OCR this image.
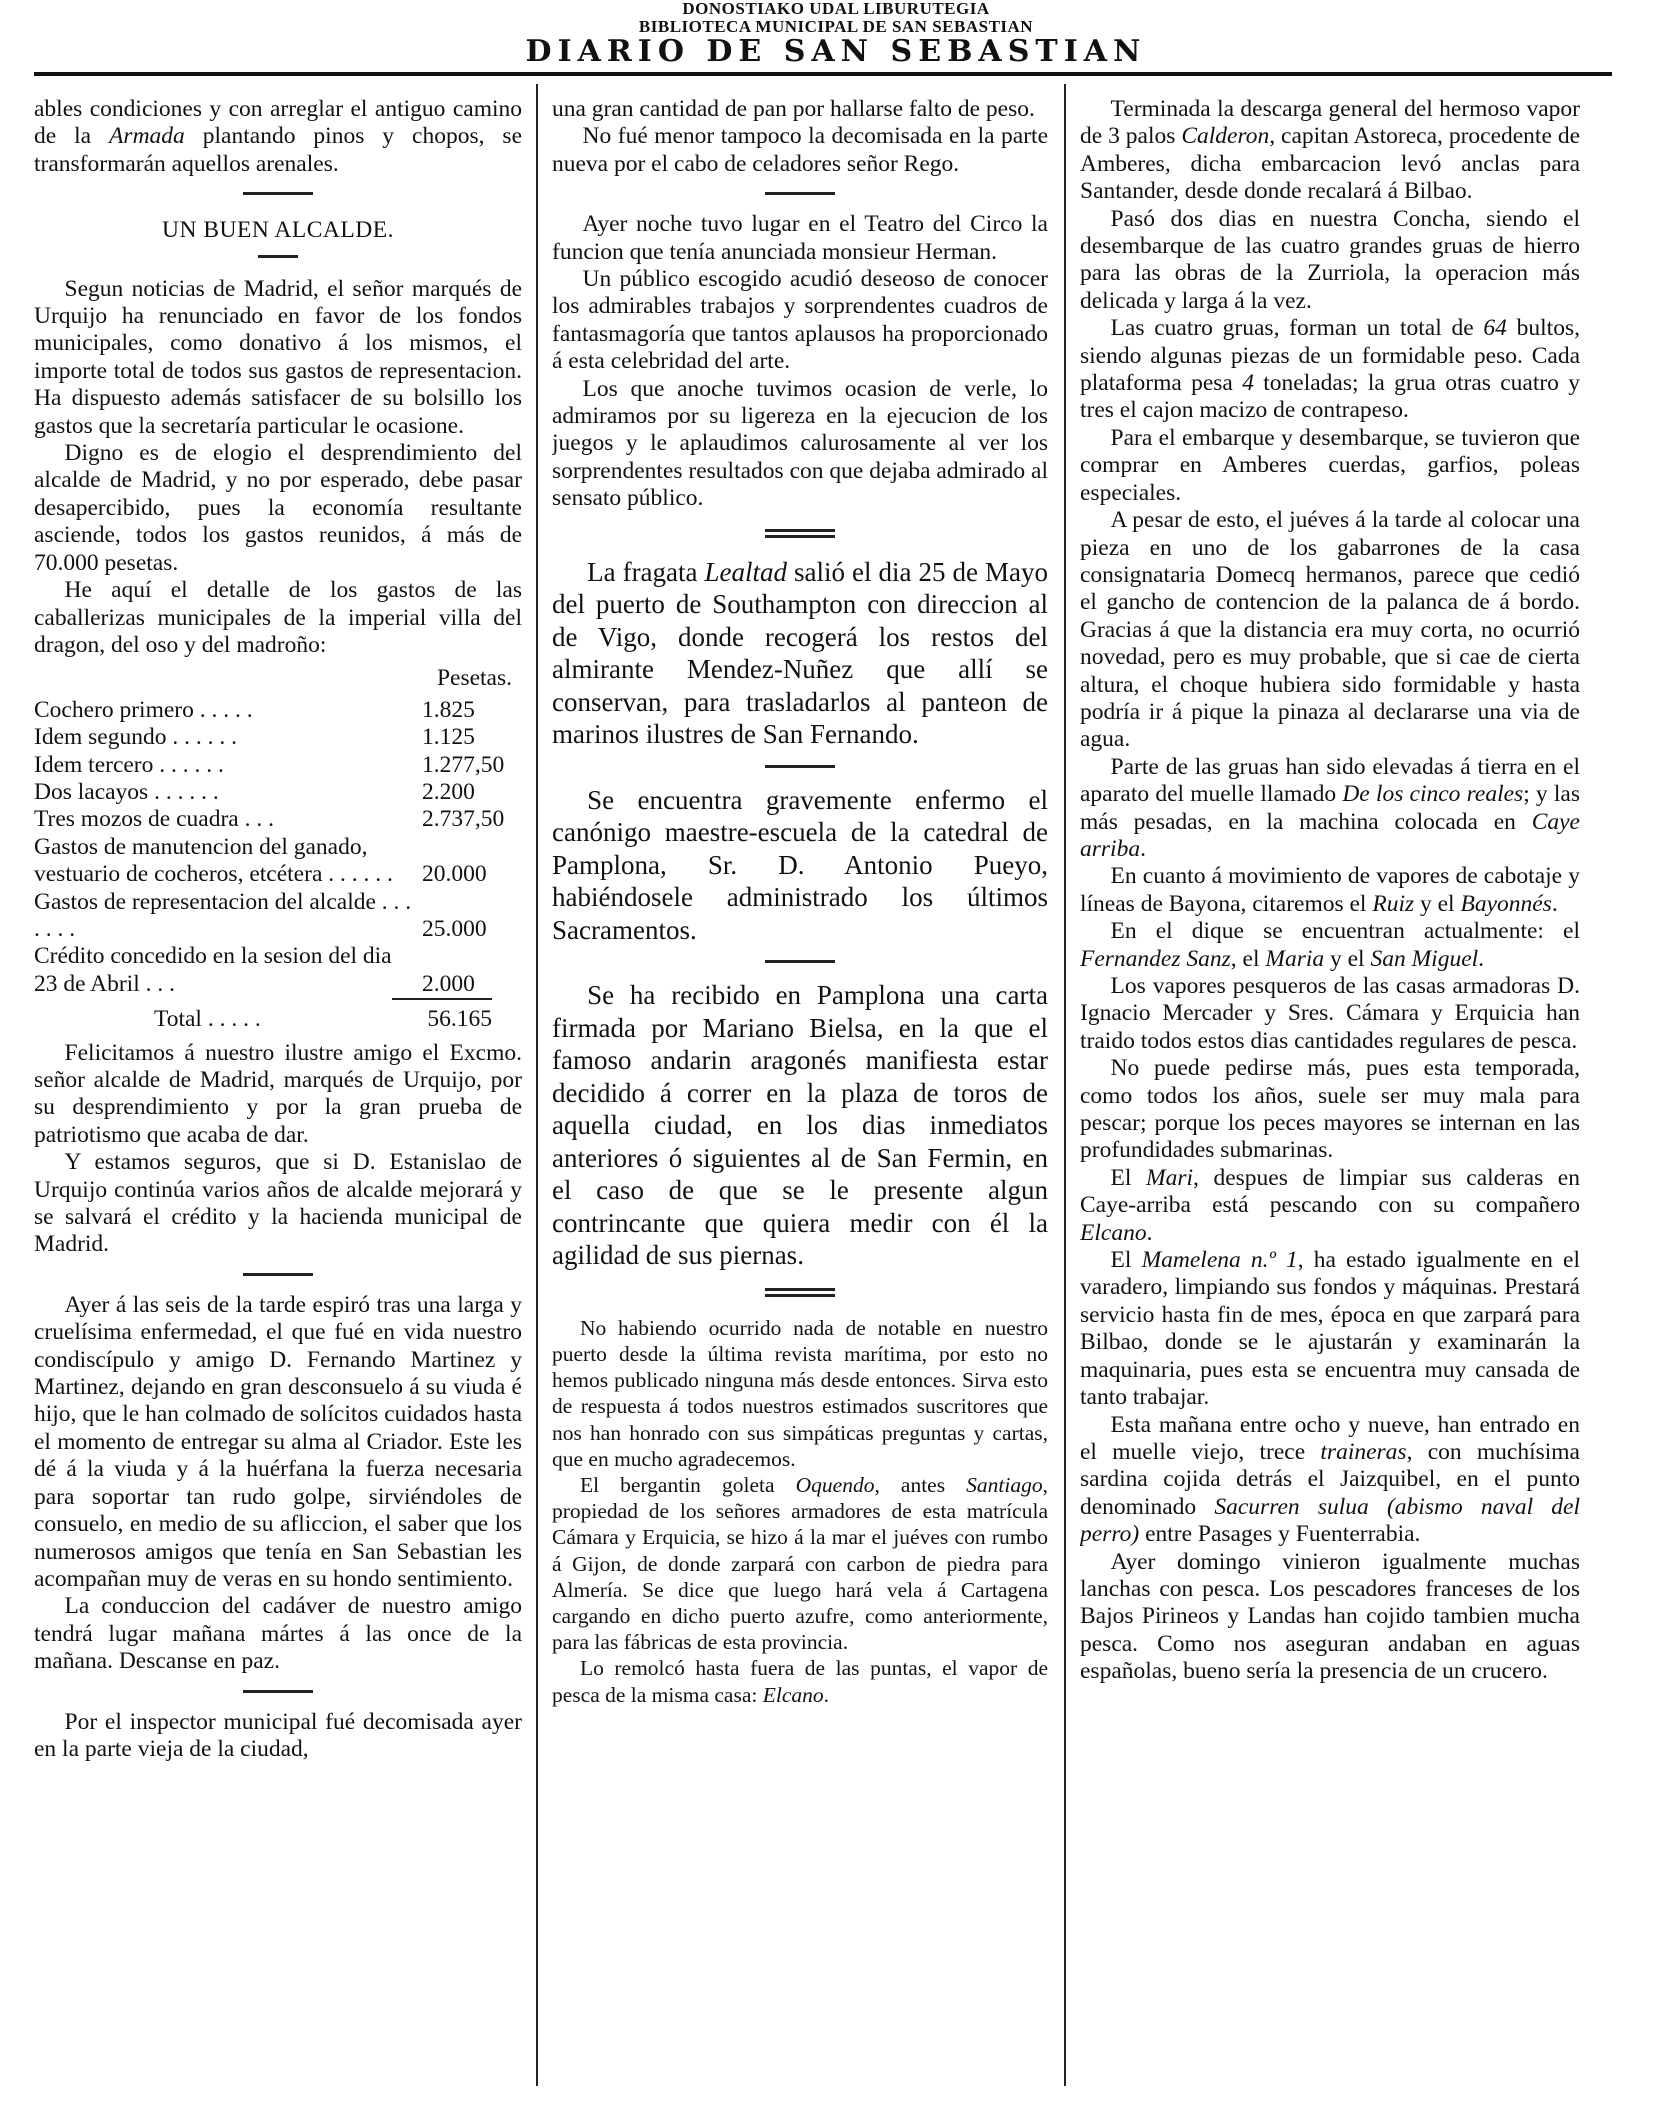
DONOSTIAKO UDAL LIBURUTEGIA
BIBLIOTECA MUNICIPAL DE SAN SEBASTIAN
DIARIO DE SAN SEBASTIAN

ables condiciones y con arreglar el antiguo camino de la Armada plantando pinos y chopos, se transformarán aquellos arenales.

UN BUEN ALCALDE.

Segun noticias de Madrid, el señor marqués de Urquijo ha renunciado en favor de los fondos municipales, como donativo á los mismos, el importe total de todos sus gastos de representacion. Ha dispuesto además satisfacer de su bolsillo los gastos que la secretaría particular le ocasione.

Digno es de elogio el desprendimiento del alcalde de Madrid, y no por esperado, debe pasar desapercibido, pues la economía resultante asciende, todos los gastos reunidos, á más de 70.000 pesetas.

He aquí el detalle de los gastos de las caballerizas municipales de la imperial villa del dragon, del oso y del madroño:

Pesetas.
Cochero primero . . . . .	1.825
Idem segundo . . . . . .	1.125
Idem tercero . . . . . .	1.277,50
Dos lacayos . . . . . .	2.200
Tres mozos de cuadra . . .	2.737,50
Gastos de manutencion del ganado, vestuario de cocheros, etcétera . . . . . .	20.000
Gastos de representacion del alcalde . . . . . . .	25.000
Crédito concedido en la sesion del dia 23 de Abril . . .	2.000
Total . . . . .	56.165

Felicitamos á nuestro ilustre amigo el Excmo. señor alcalde de Madrid, marqués de Urquijo, por su desprendimiento y por la gran prueba de patriotismo que acaba de dar.

Y estamos seguros, que si D. Estanislao de Urquijo continúa varios años de alcalde mejorará y se salvará el crédito y la hacienda municipal de Madrid.

Ayer á las seis de la tarde espiró tras una larga y cruelísima enfermedad, el que fué en vida nuestro condiscípulo y amigo D. Fernando Martinez y Martinez, dejando en gran desconsuelo á su viuda é hijo, que le han colmado de solícitos cuidados hasta el momento de entregar su alma al Criador. Este les dé á la viuda y á la huérfana la fuerza necesaria para soportar tan rudo golpe, sirviéndoles de consuelo, en medio de su afliccion, el saber que los numerosos amigos que tenía en San Sebastian les acompañan muy de veras en su hondo sentimiento.

La conduccion del cadáver de nuestro amigo tendrá lugar mañana mártes á las once de la mañana. Descanse en paz.

Por el inspector municipal fué decomisada ayer en la parte vieja de la ciudad,

una gran cantidad de pan por hallarse falto de peso.

No fué menor tampoco la decomisada en la parte nueva por el cabo de celadores señor Rego.

Ayer noche tuvo lugar en el Teatro del Circo la funcion que tenía anunciada monsieur Herman.

Un público escogido acudió deseoso de conocer los admirables trabajos y sorprendentes cuadros de fantasmagoría que tantos aplausos ha proporcionado á esta celebridad del arte.

Los que anoche tuvimos ocasion de verle, lo admiramos por su ligereza en la ejecucion de los juegos y le aplaudimos calurosamente al ver los sorprendentes resultados con que dejaba admirado al sensato público.

La fragata Lealtad salió el dia 25 de Mayo del puerto de Southampton con direccion al de Vigo, donde recogerá los restos del almirante Mendez-Nuñez que allí se conservan, para trasladarlos al panteon de marinos ilustres de San Fernando.

Se encuentra gravemente enfermo el canónigo maestre-escuela de la catedral de Pamplona, Sr. D. Antonio Pueyo, habiéndosele administrado los últimos Sacramentos.

Se ha recibido en Pamplona una carta firmada por Mariano Bielsa, en la que el famoso andarin aragonés manifiesta estar decidido á correr en la plaza de toros de aquella ciudad, en los dias inmediatos anteriores ó siguientes al de San Fermin, en el caso de que se le presente algun contrincante que quiera medir con él la agilidad de sus piernas.

No habiendo ocurrido nada de notable en nuestro puerto desde la última revista marítima, por esto no hemos publicado ninguna más desde entonces. Sirva esto de respuesta á todos nuestros estimados suscritores que nos han honrado con sus simpáticas preguntas y cartas, que en mucho agradecemos.

El bergantin goleta Oquendo, antes Santiago, propiedad de los señores armadores de esta matrícula Cámara y Erquicia, se hizo á la mar el juéves con rumbo á Gijon, de donde zarpará con carbon de piedra para Almería. Se dice que luego hará vela á Cartagena cargando en dicho puerto azufre, como anteriormente, para las fábricas de esta provincia.

Lo remolcó hasta fuera de las puntas, el vapor de pesca de la misma casa: Elcano.

Terminada la descarga general del hermoso vapor de 3 palos Calderon, capitan Astoreca, procedente de Amberes, dicha embarcacion levó anclas para Santander, desde donde recalará á Bilbao.

Pasó dos dias en nuestra Concha, siendo el desembarque de las cuatro grandes gruas de hierro para las obras de la Zurriola, la operacion más delicada y larga á la vez.

Las cuatro gruas, forman un total de 64 bultos, siendo algunas piezas de un formidable peso. Cada plataforma pesa 4 toneladas; la grua otras cuatro y tres el cajon macizo de contrapeso.

Para el embarque y desembarque, se tuvieron que comprar en Amberes cuerdas, garfios, poleas especiales.

A pesar de esto, el juéves á la tarde al colocar una pieza en uno de los gabarrones de la casa consignataria Domecq hermanos, parece que cedió el gancho de contencion de la palanca de á bordo. Gracias á que la distancia era muy corta, no ocurrió novedad, pero es muy probable, que si cae de cierta altura, el choque hubiera sido formidable y hasta podría ir á pique la pinaza al declararse una via de agua.

Parte de las gruas han sido elevadas á tierra en el aparato del muelle llamado De los cinco reales; y las más pesadas, en la machina colocada en Caye arriba.

En cuanto á movimiento de vapores de cabotaje y líneas de Bayona, citaremos el Ruiz y el Bayonnés.

En el dique se encuentran actualmente: el Fernandez Sanz, el Maria y el San Miguel.

Los vapores pesqueros de las casas armadoras D. Ignacio Mercader y Sres. Cámara y Erquicia han traido todos estos dias cantidades regulares de pesca.

No puede pedirse más, pues esta temporada, como todos los años, suele ser muy mala para pescar; porque los peces mayores se internan en las profundidades submarinas.

El Mari, despues de limpiar sus calderas en Caye-arriba está pescando con su compañero Elcano.

El Mamelena n.º 1, ha estado igualmente en el varadero, limpiando sus fondos y máquinas. Prestará servicio hasta fin de mes, época en que zarpará para Bilbao, donde se le ajustarán y examinarán la maquinaria, pues esta se encuentra muy cansada de tanto trabajar.

Esta mañana entre ocho y nueve, han entrado en el muelle viejo, trece traineras, con muchísima sardina cojida detrás el Jaizquibel, en el punto denominado Sacurren sulua (abismo naval del perro) entre Pasages y Fuenterrabia.

Ayer domingo vinieron igualmente muchas lanchas con pesca. Los pescadores franceses de los Bajos Pirineos y Landas han cojido tambien mucha pesca. Como nos aseguran andaban en aguas españolas, bueno sería la presencia de un crucero.
